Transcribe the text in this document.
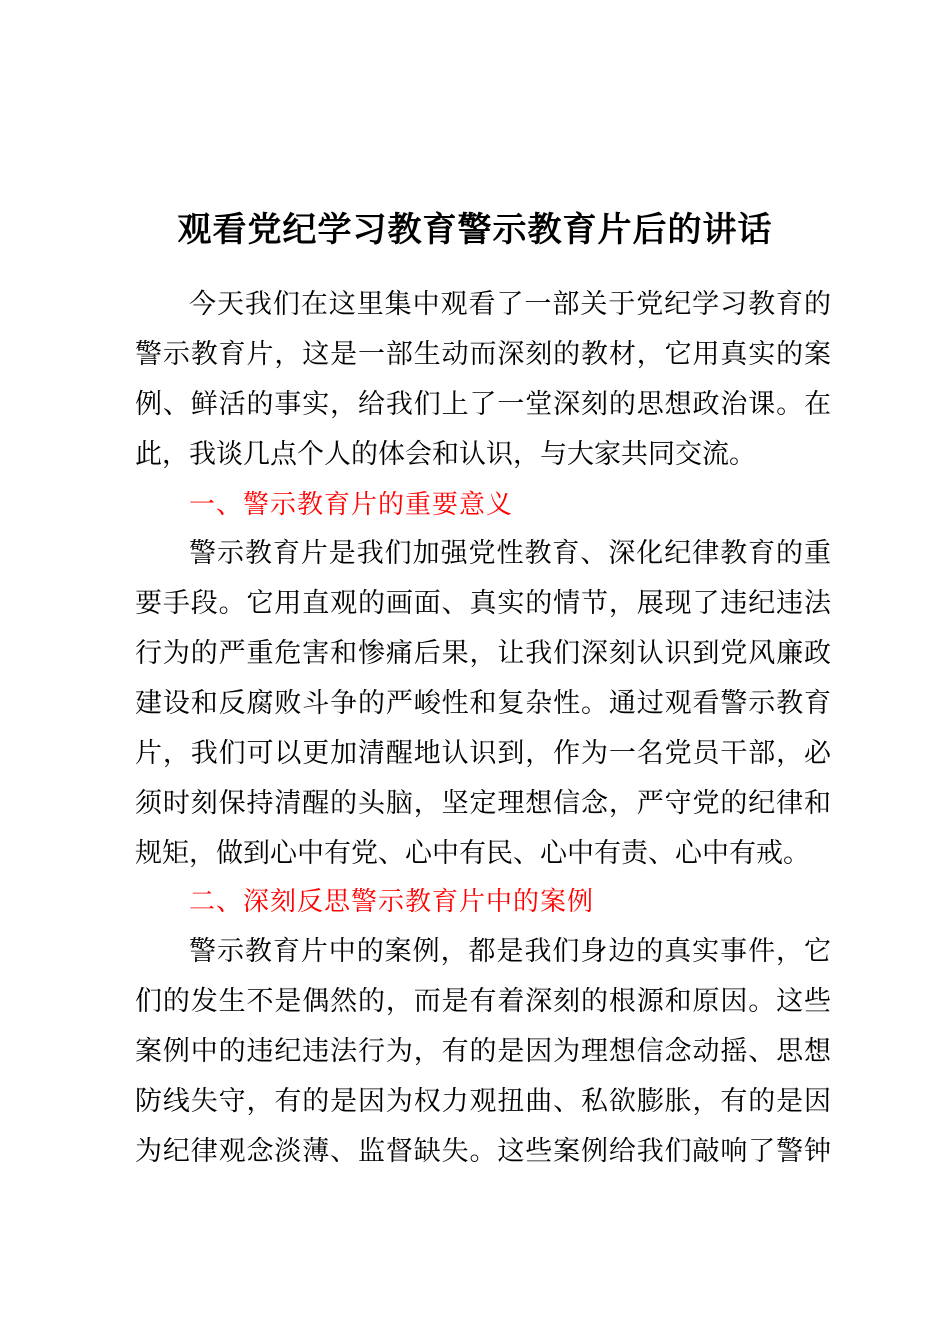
观看党纪学习教育警示教育片后的讲话
今天我们在这里集中观看了一部关于党纪学习教育的
警示教育片，这是一部生动而深刻的教材，它用真实的案
例、鲜活的事实，给我们上了一堂深刻的思想政治课。在
此，我谈几点个人的体会和认识，与大家共同交流。
一、警示教育片的重要意义
警示教育片是我们加强党性教育、深化纪律教育的重
要手段。它用直观的画面、真实的情节，展现了违纪违法
行为的严重危害和惨痛后果，让我们深刻认识到党风廉政
建设和反腐败斗争的严峻性和复杂性。通过观看警示教育
片，我们可以更加清醒地认识到，作为一名党员干部，必
须时刻保持清醒的头脑，坚定理想信念，严守党的纪律和
规矩，做到心中有党、心中有民、心中有责、心中有戒。
二、深刻反思警示教育片中的案例
警示教育片中的案例，都是我们身边的真实事件，它
们的发生不是偶然的，而是有着深刻的根源和原因。这些
案例中的违纪违法行为，有的是因为理想信念动摇、思想
防线失守，有的是因为权力观扭曲、私欲膨胀，有的是因
为纪律观念淡薄、监督缺失。这些案例给我们敲响了警钟
